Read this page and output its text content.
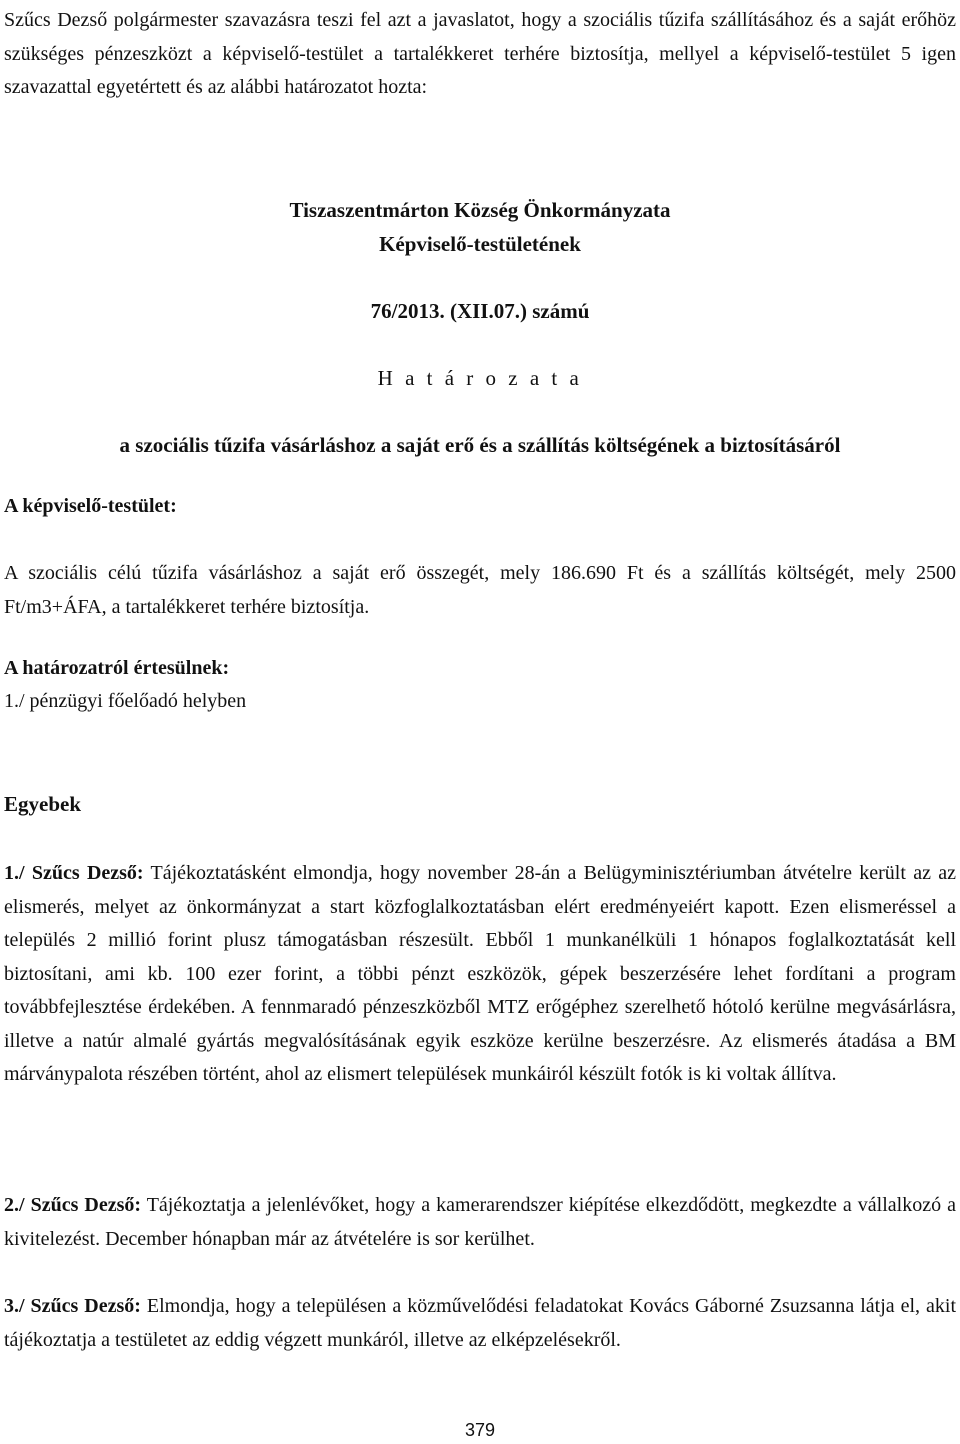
Szűcs Dezső polgármester szavazásra teszi fel azt a javaslatot, hogy a szociális tűzifa szállításához és a saját erőhöz szükséges pénzeszközt a képviselő-testület a tartalékkeret terhére biztosítja, mellyel a képviselő-testület 5 igen szavazattal egyetértett és az alábbi határozatot hozta:

Tiszaszentmárton Község Önkormányzata

Képviselő-testületének

76/2013. (XII.07.) számú

H a t á r o z a t a

a szociális tűzifa vásárláshoz a saját erő és a szállítás költségének a biztosításáról

A képviselő-testület:

A szociális célú tűzifa vásárláshoz a saját erő összegét, mely 186.690 Ft és a szállítás költségét, mely 2500 Ft/m3+ÁFA, a tartalékkeret terhére biztosítja.

A határozatról értesülnek:

1./ pénzügyi főelőadó helyben

Egyebek

1./ Szűcs Dezső: Tájékoztatásként elmondja, hogy november 28-án a Belügyminisztériumban átvételre került az az elismerés, melyet az önkormányzat a start közfoglalkoztatásban elért eredményeiért kapott. Ezen elismeréssel a település 2 millió forint plusz támogatásban részesült. Ebből 1 munkanélküli 1 hónapos foglalkoztatását kell biztosítani, ami kb. 100 ezer forint, a többi pénzt eszközök, gépek beszerzésére lehet fordítani a program továbbfejlesztése érdekében. A fennmaradó pénzeszközből MTZ erőgéphez szerelhető hótoló kerülne megvásárlásra, illetve a natúr almalé gyártás megvalósításának egyik eszköze kerülne beszerzésre. Az elismerés átadása a BM márványpalota részében történt, ahol az elismert települések munkáiról készült fotók is ki voltak állítva.

2./ Szűcs Dezső: Tájékoztatja a jelenlévőket, hogy a kamerarendszer kiépítése elkezdődött, megkezdte a vállalkozó a kivitelezést. December hónapban már az átvételére is sor kerülhet.

3./ Szűcs Dezső: Elmondja, hogy a településen a közművelődési feladatokat Kovács Gáborné Zsuzsanna látja el, akit tájékoztatja a testületet az eddig végzett munkáról, illetve az elképzelésekről.

379
